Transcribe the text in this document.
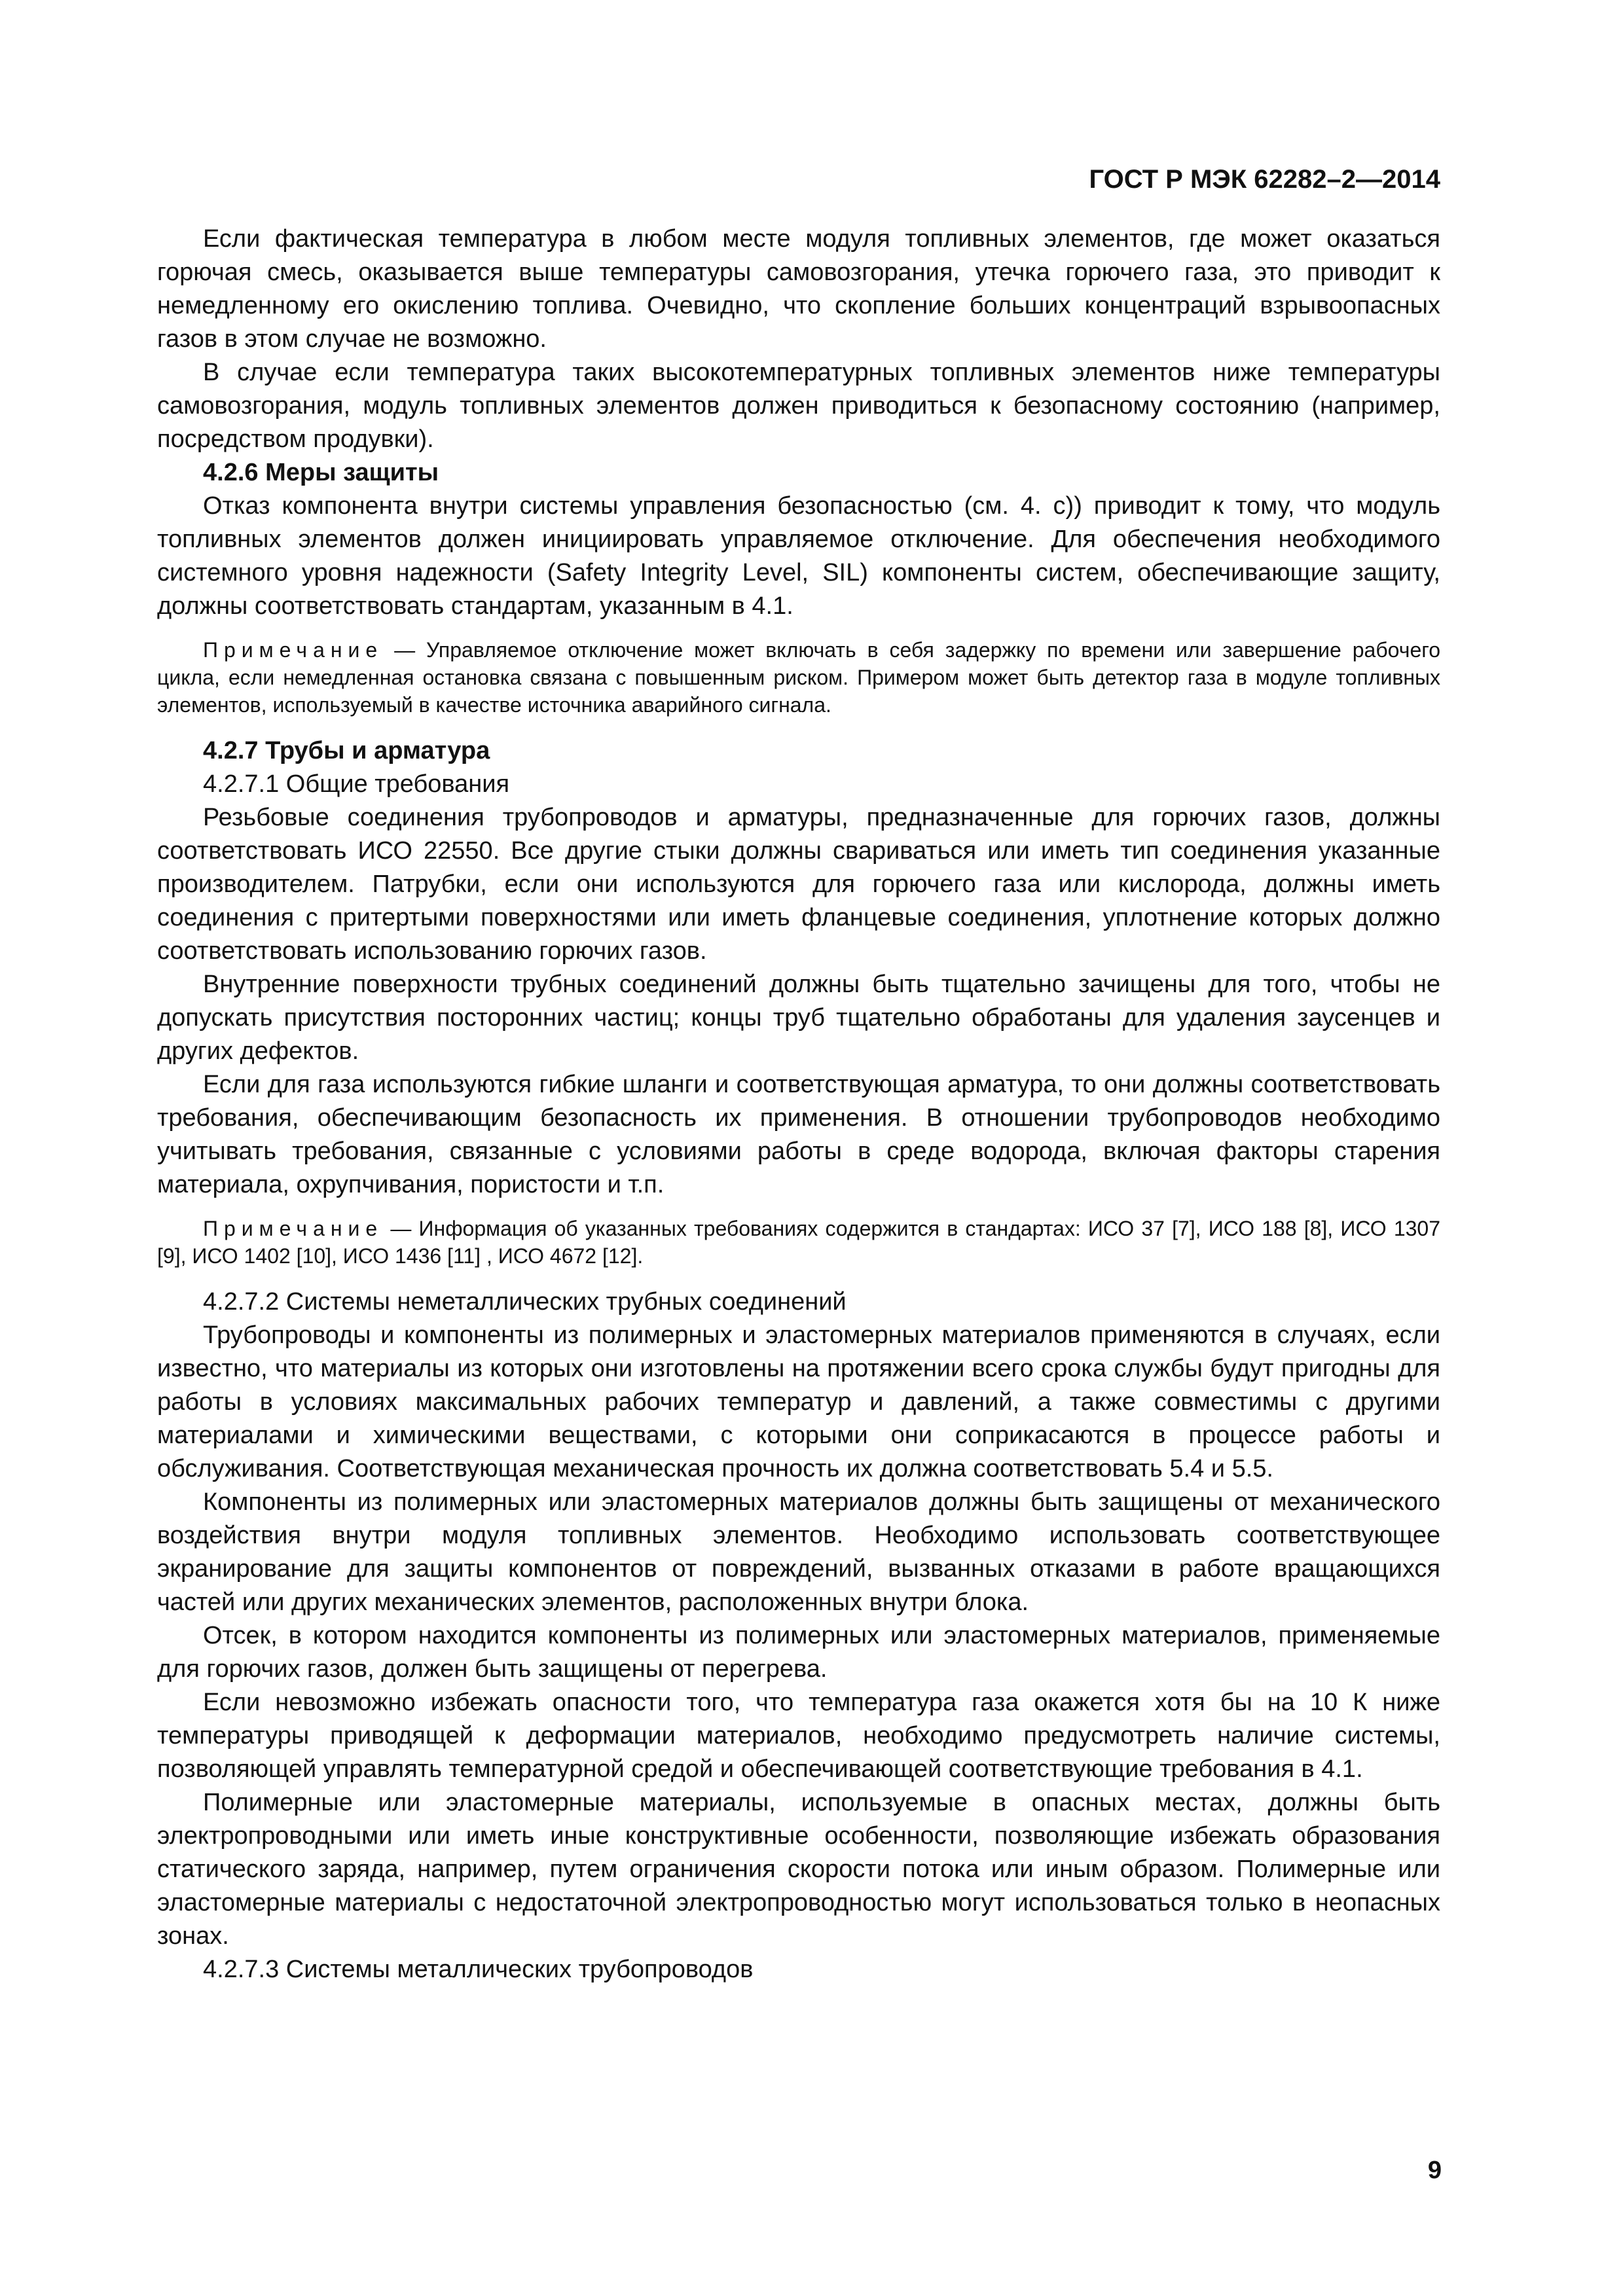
ГОСТ Р МЭК 62282–2—2014

Если фактическая температура в любом месте модуля топливных элементов, где может оказаться горючая смесь, оказывается выше температуры самовозгорания, утечка горючего газа, это приводит к немедленному его окислению топлива. Очевидно, что скопление больших концентраций взрывоопасных газов в этом случае не возможно.

В случае если температура таких высокотемпературных топливных элементов ниже температуры самовозгорания, модуль топливных элементов должен приводиться к безопасному состоянию (например, посредством продувки).

4.2.6 Меры защиты

Отказ компонента внутри системы управления безопасностью (см. 4. с)) приводит к тому, что модуль топливных элементов должен инициировать управляемое отключение. Для обеспечения необходимого системного уровня надежности (Safety Integrity Level, SIL) компоненты систем, обеспечивающие защиту, должны соответствовать стандартам, указанным в 4.1.

Примечание — Управляемое отключение может включать в себя задержку по времени или завершение рабочего цикла, если немедленная остановка связана с повышенным риском. Примером может быть детектор газа в модуле топливных элементов, используемый в качестве источника аварийного сигнала.

4.2.7 Трубы и арматура

4.2.7.1 Общие требования

Резьбовые соединения трубопроводов и арматуры, предназначенные для горючих газов, должны соответствовать ИСО 22550. Все другие стыки должны свариваться или иметь тип соединения указанные производителем. Патрубки, если они используются для горючего газа или кислорода, должны иметь соединения с притертыми поверхностями или иметь фланцевые соединения, уплотнение которых должно соответствовать использованию горючих газов.

Внутренние поверхности трубных соединений должны быть тщательно зачищены для того, чтобы не допускать присутствия посторонних частиц; концы труб тщательно обработаны для удаления заусенцев и других дефектов.

Если для газа используются гибкие шланги и соответствующая арматура, то они должны соответствовать требования, обеспечивающим безопасность их применения. В отношении трубопроводов необходимо учитывать требования, связанные с условиями работы в среде водорода, включая факторы старения материала, охрупчивания, пористости и т.п.

Примечание — Информация об указанных требованиях содержится в стандартах: ИСО 37 [7], ИСО 188 [8], ИСО 1307 [9], ИСО 1402 [10], ИСО 1436 [11] , ИСО 4672 [12].

4.2.7.2 Системы неметаллических трубных соединений

Трубопроводы и компоненты из полимерных и эластомерных материалов применяются в случаях, если известно, что материалы из которых они изготовлены на протяжении всего срока службы будут пригодны для работы в условиях максимальных рабочих температур и давлений, а также совместимы с другими материалами и химическими веществами, с которыми они соприкасаются в процессе работы и обслуживания. Соответствующая механическая прочность их должна соответствовать 5.4 и 5.5.

Компоненты из полимерных или эластомерных материалов должны быть защищены от механического воздействия внутри модуля топливных элементов. Необходимо использовать соответствующее экранирование для защиты компонентов от повреждений, вызванных отказами в работе вращающихся частей или других механических элементов, расположенных внутри блока.

Отсек, в котором находится компоненты из полимерных или эластомерных материалов, применяемые для горючих газов, должен быть защищены от перегрева.

Если невозможно избежать опасности того, что температура газа окажется хотя бы на 10 К ниже температуры приводящей к деформации материалов, необходимо предусмотреть наличие системы, позволяющей управлять температурной средой и обеспечивающей соответствующие требования в 4.1.

Полимерные или эластомерные материалы, используемые в опасных местах, должны быть электропроводными или иметь иные конструктивные особенности, позволяющие избежать образования статического заряда, например, путем ограничения скорости потока или иным образом. Полимерные или эластомерные материалы с недостаточной электропроводностью могут использоваться только в неопасных зонах.

4.2.7.3 Системы металлических трубопроводов

9
